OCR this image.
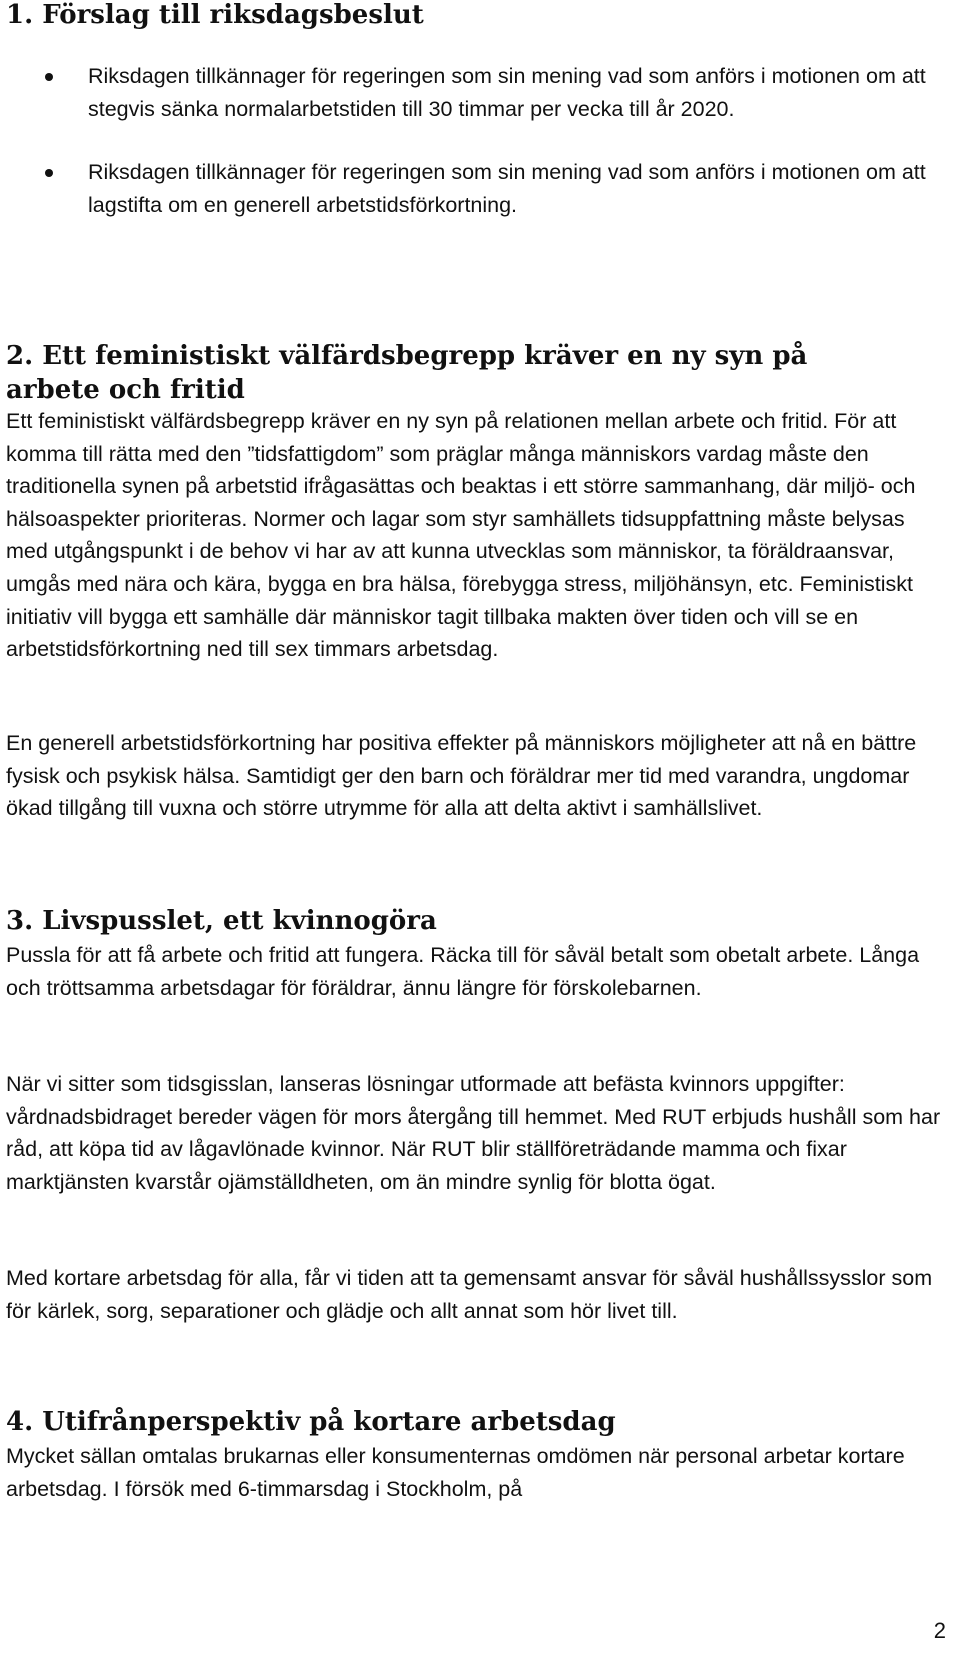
1. Förslag till riksdagsbeslut
Riksdagen tillkännager för regeringen som sin mening vad som anförs i motionen om att stegvis sänka normalarbetstiden till 30 timmar per vecka till år 2020.
Riksdagen tillkännager för regeringen som sin mening vad som anförs i motionen om att lagstifta om en generell arbetstidsförkortning.
2. Ett feministiskt välfärdsbegrepp kräver en ny syn på arbete och fritid

Ett feministiskt välfärdsbegrepp kräver en ny syn på relationen mellan arbete och fritid. För att komma till rätta med den ”tidsfattigdom” som präglar många människors vardag måste den traditionella synen på arbetstid ifrågasättas och beaktas i ett större sammanhang, där miljö- och hälsoaspekter prioriteras. Normer och lagar som styr samhällets tidsuppfattning måste belysas med utgångspunkt i de behov vi har av att kunna utvecklas som människor, ta föräldraansvar, umgås med nära och kära, bygga en bra hälsa, förebygga stress, miljöhänsyn, etc. Feministiskt initiativ vill bygga ett samhälle där människor tagit tillbaka makten över tiden och vill se en arbetstidsförkortning ned till sex timmars arbetsdag.

En generell arbetstidsförkortning har positiva effekter på människors möjligheter att nå en bättre fysisk och psykisk hälsa. Samtidigt ger den barn och föräldrar mer tid med varandra, ungdomar ökad tillgång till vuxna och större utrymme för alla att delta aktivt i samhällslivet.

3. Livspusslet, ett kvinnogöra

Pussla för att få arbete och fritid att fungera. Räcka till för såväl betalt som obetalt arbete. Långa och tröttsamma arbetsdagar för föräldrar, ännu längre för förskolebarnen.

När vi sitter som tidsgisslan, lanseras lösningar utformade att befästa kvinnors uppgifter: vårdnadsbidraget bereder vägen för mors återgång till hemmet. Med RUT erbjuds hushåll som har råd, att köpa tid av lågavlönade kvinnor. När RUT blir ställföreträdande mamma och fixar marktjänsten kvarstår ojämställdheten, om än mindre synlig för blotta ögat.

Med kortare arbetsdag för alla, får vi tiden att ta gemensamt ansvar för såväl hushållssysslor som för kärlek, sorg, separationer och glädje och allt annat som hör livet till.

4. Utifrånperspektiv på kortare arbetsdag

Mycket sällan omtalas brukarnas eller konsumenternas omdömen när personal arbetar kortare arbetsdag. I försök med 6-timmarsdag i Stockholm, på

2
